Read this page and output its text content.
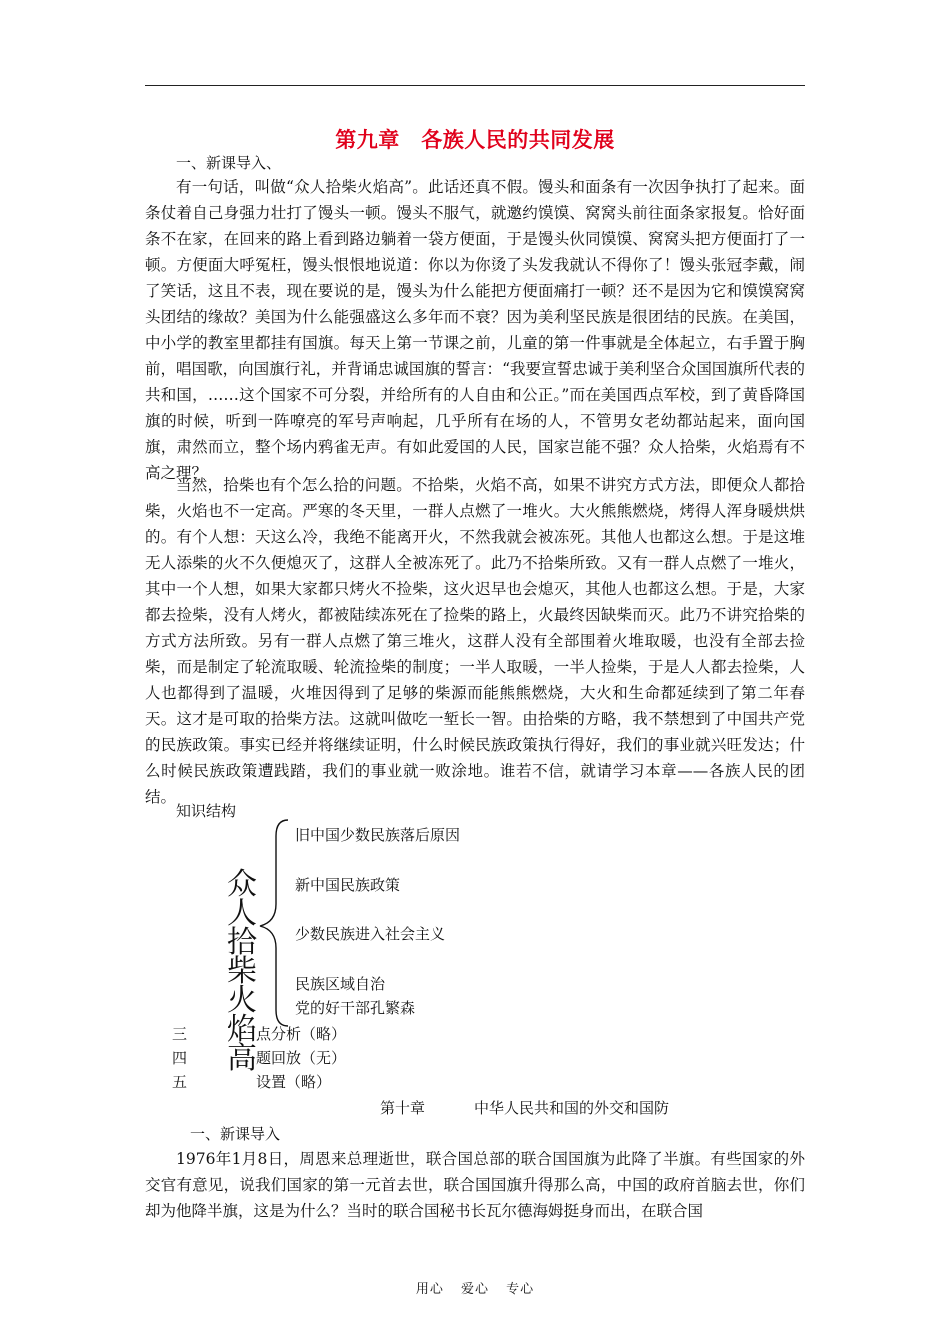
第九章　各族人民的共同发展
一、新课导入、

有一句话，叫做“众人拾柴火焰高”。此话还真不假。馒头和面条有一次因争执打了起来。面条仗着自己身强力壮打了馒头一顿。馒头不服气，就邀约馍馍、窝窝头前往面条家报复。恰好面条不在家，在回来的路上看到路边躺着一袋方便面，于是馒头伙同馍馍、窝窝头把方便面打了一顿。方便面大呼冤枉，馒头恨恨地说道：你以为你烫了头发我就认不得你了！馒头张冠李戴，闹了笑话，这且不表，现在要说的是，馒头为什么能把方便面痛打一顿？还不是因为它和馍馍窝窝头团结的缘故？美国为什么能强盛这么多年而不衰？因为美利坚民族是很团结的民族。在美国，中小学的教室里都挂有国旗。每天上第一节课之前，儿童的第一件事就是全体起立，右手置于胸前，唱国歌，向国旗行礼，并背诵忠诚国旗的誓言：“我要宣誓忠诚于美利坚合众国国旗所代表的共和国，……这个国家不可分裂，并给所有的人自由和公正。”而在美国西点军校，到了黄昏降国旗的时候，听到一阵嘹亮的军号声响起，几乎所有在场的人，不管男女老幼都站起来，面向国旗，肃然而立，整个场内鸦雀无声。有如此爱国的人民，国家岂能不强？众人拾柴，火焰焉有不高之理？

当然，拾柴也有个怎么拾的问题。不拾柴，火焰不高，如果不讲究方式方法，即便众人都拾柴，火焰也不一定高。严寒的冬天里，一群人点燃了一堆火。大火熊熊燃烧，烤得人浑身暖烘烘的。有个人想：天这么冷，我绝不能离开火，不然我就会被冻死。其他人也都这么想。于是这堆无人添柴的火不久便熄灭了，这群人全被冻死了。此乃不拾柴所致。又有一群人点燃了一堆火，其中一个人想，如果大家都只烤火不捡柴，这火迟早也会熄灭，其他人也都这么想。于是，大家都去捡柴，没有人烤火，都被陆续冻死在了捡柴的路上，火最终因缺柴而灭。此乃不讲究拾柴的方式方法所致。另有一群人点燃了第三堆火，这群人没有全部围着火堆取暖，也没有全部去捡柴，而是制定了轮流取暖、轮流捡柴的制度；一半人取暖，一半人捡柴，于是人人都去捡柴，人人也都得到了温暖，火堆因得到了足够的柴源而能熊熊燃烧，大火和生命都延续到了第二年春天。这才是可取的拾柴方法。这就叫做吃一堑长一智。由拾柴的方略，我不禁想到了中国共产党的民族政策。事实已经并将继续证明，什么时候民族政策执行得好，我们的事业就兴旺发达；什么时候民族政策遭践踏，我们的事业就一败涂地。谁若不信，就请学习本章——各族人民的团结。

知识结构
众
人
拾
柴
火
焰
高
旧中国少数民族落后原因
新中国民族政策
少数民族进入社会主义
民族区域自治
党的好干部孔繁森
三	点分析（略）
四	题回放（无）
五	设置（略）
第十章	中华人民共和国的外交和国防
一、新课导入

1976年1月8日，周恩来总理逝世，联合国总部的联合国国旗为此降了半旗。有些国家的外交官有意见，说我们国家的第一元首去世，联合国国旗升得那么高，中国的政府首脑去世，你们却为他降半旗，这是为什么？当时的联合国秘书长瓦尔德海姆挺身而出，在联合国

用心 爱心 专心
